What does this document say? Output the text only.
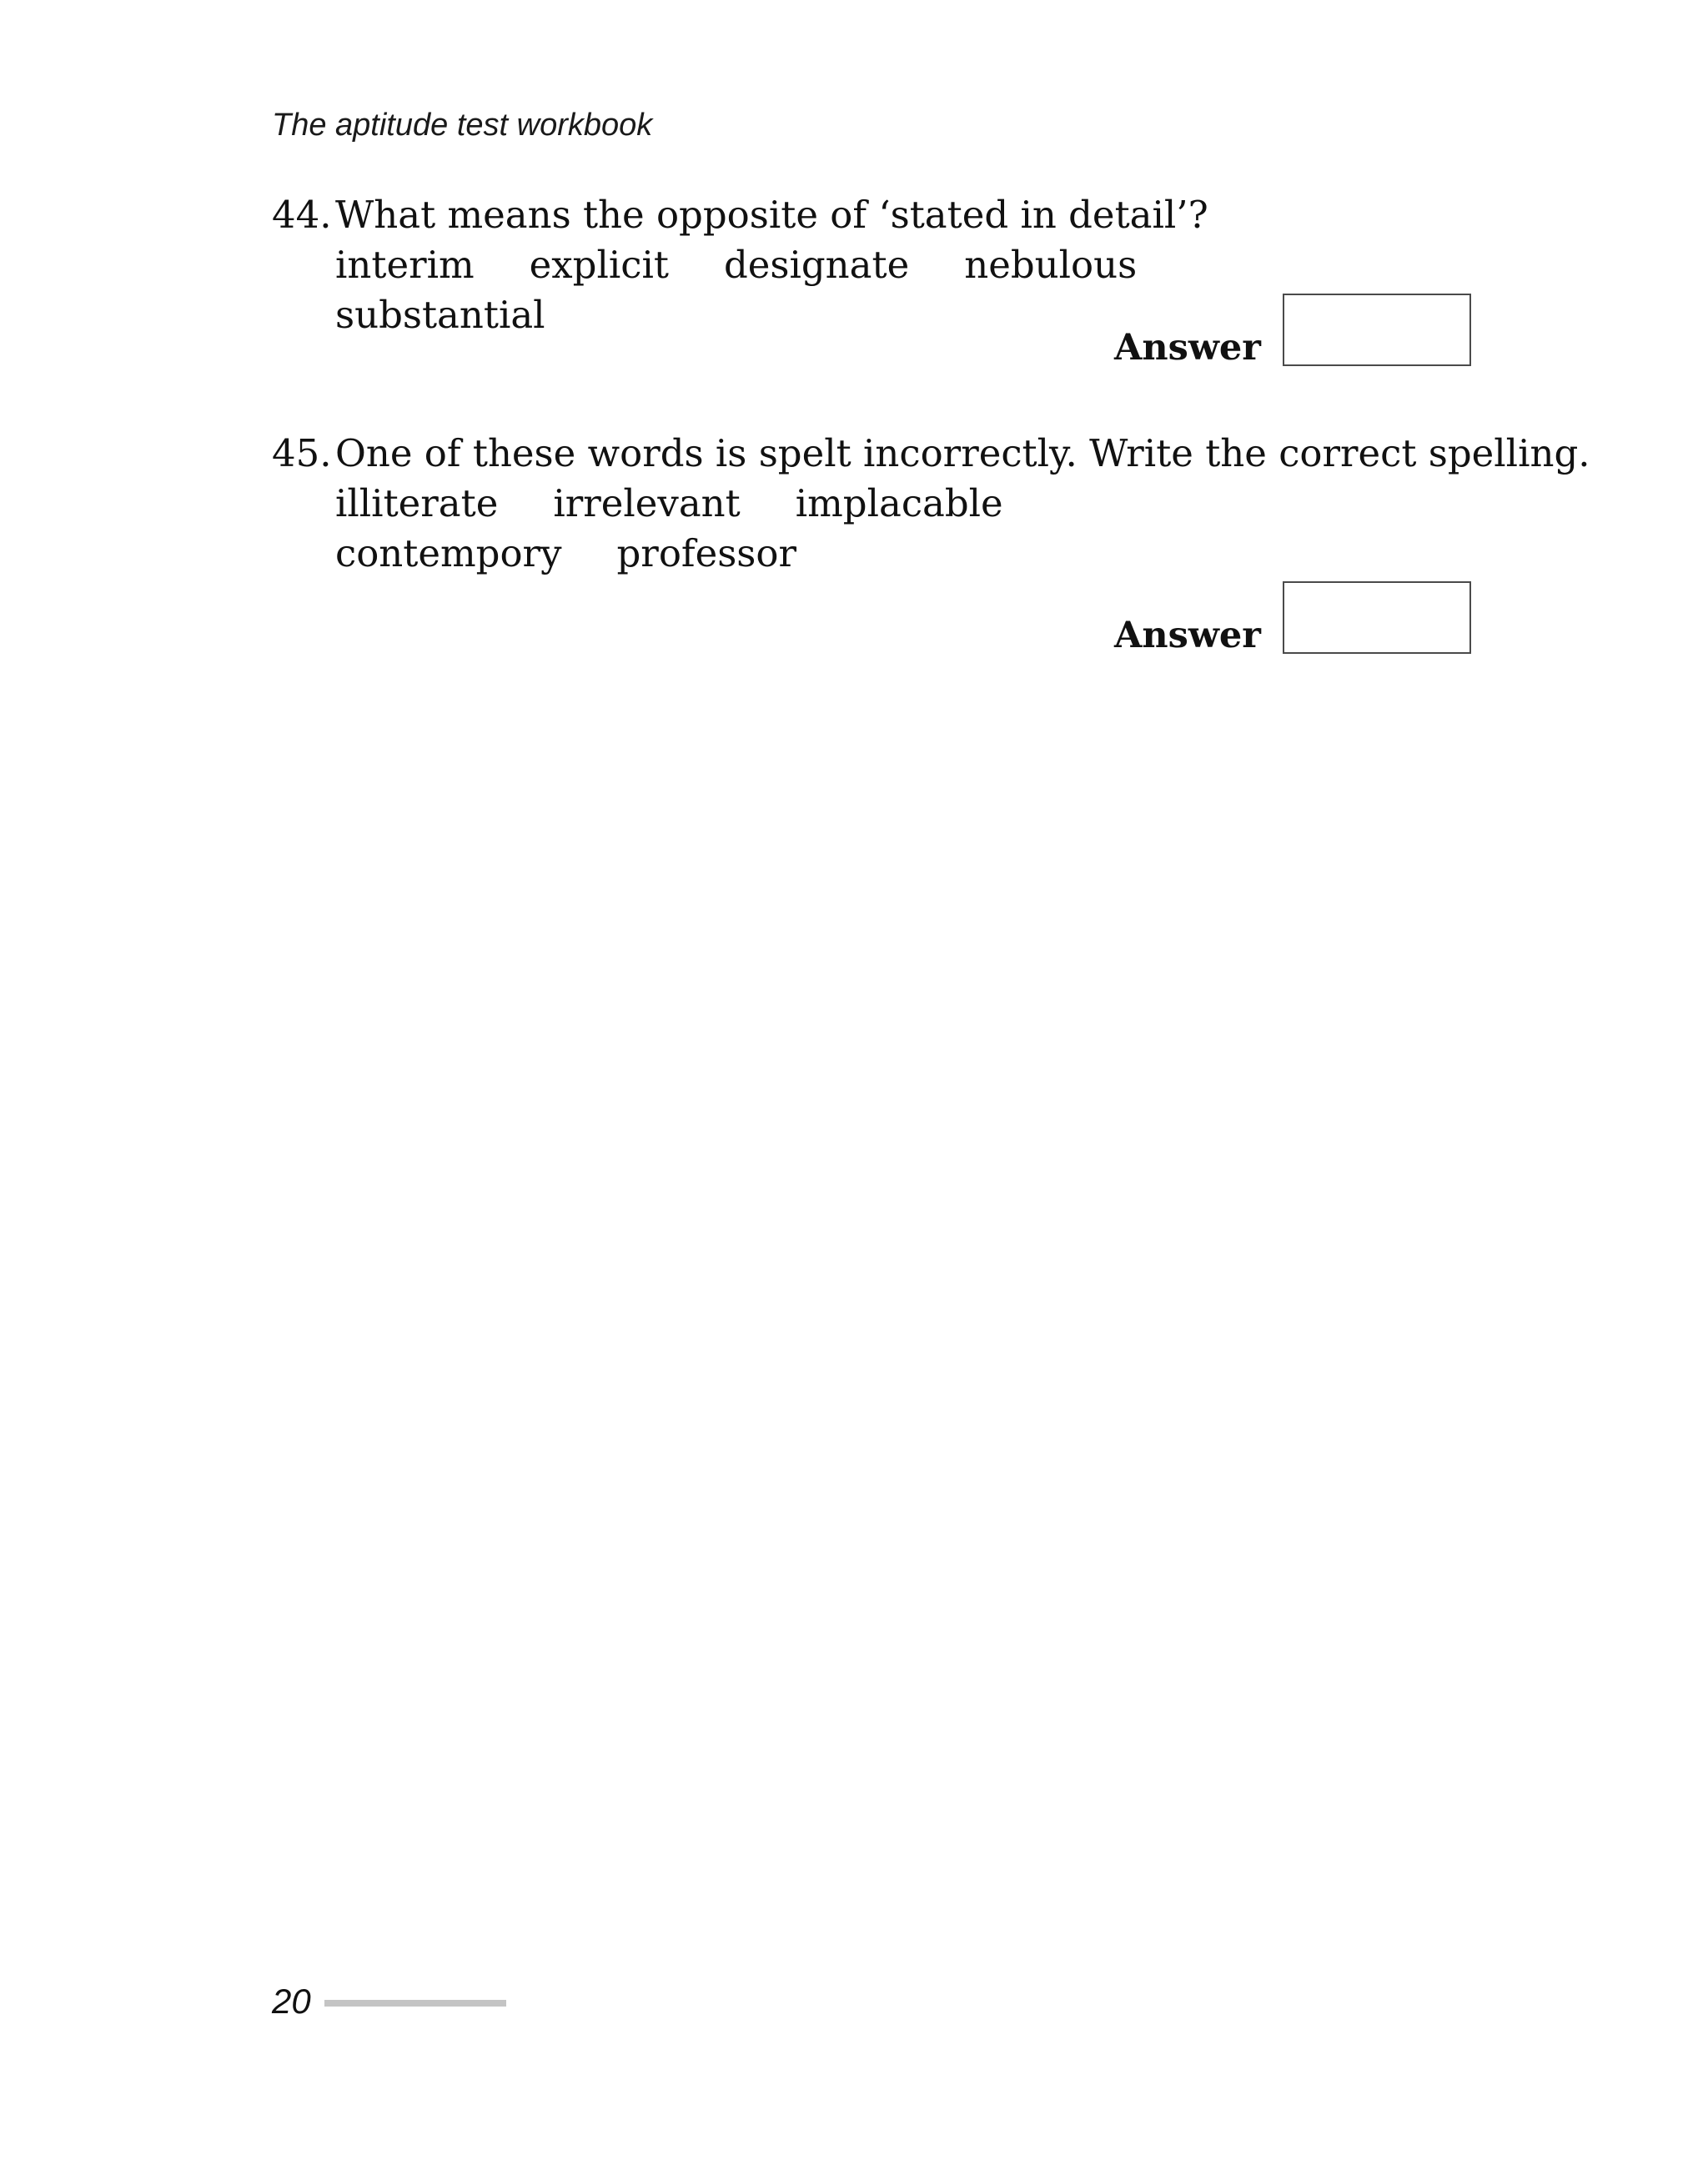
The aptitude test workbook
44. What means the opposite of ‘stated in detail’?
interim explicit designate nebulous
substantial
Answer
45. One of these words is spelt incorrectly. Write the correct spelling.
illiterate irrelevant implacable
contempory professor
Answer
20
